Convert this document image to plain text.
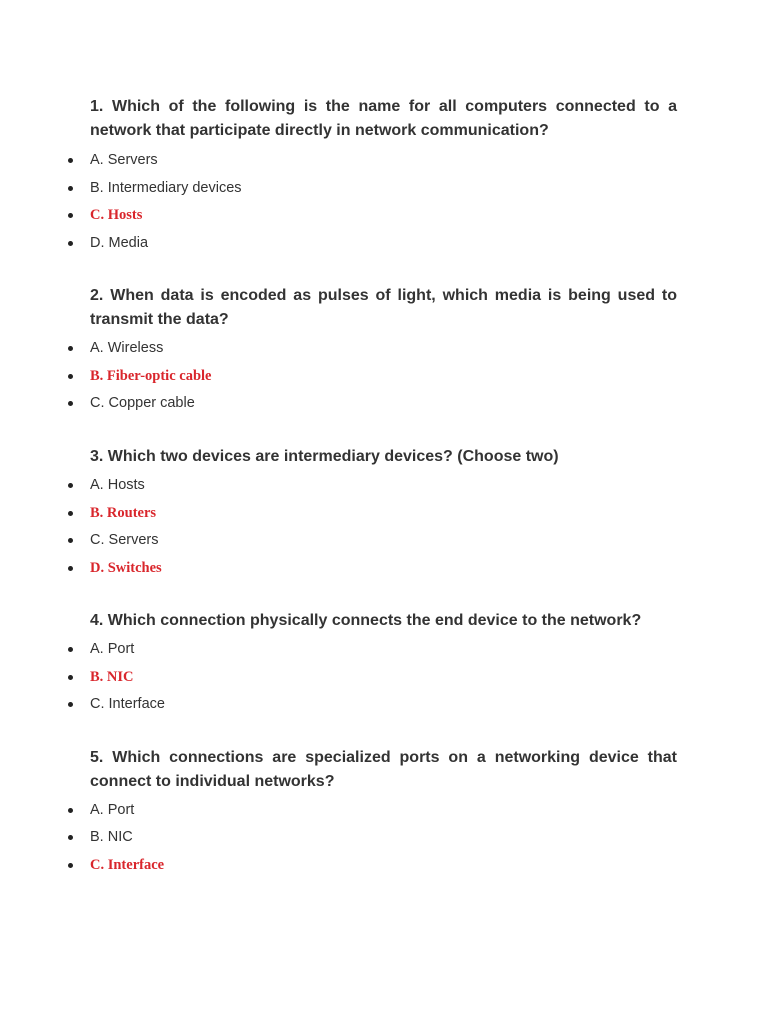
1. Which of the following is the name for all computers connected to a network that participate directly in network communication?

A. Servers
B. Intermediary devices
C. Hosts
D. Media

2. When data is encoded as pulses of light, which media is being used to transmit the data?

A. Wireless
B. Fiber-optic cable
C. Copper cable

3. Which two devices are intermediary devices? (Choose two)

A. Hosts
B. Routers
C. Servers
D. Switches

4. Which connection physically connects the end device to the network?

A. Port
B. NIC
C. Interface

5. Which connections are specialized ports on a networking device that connect to individual networks?

A. Port
B. NIC
C. Interface
